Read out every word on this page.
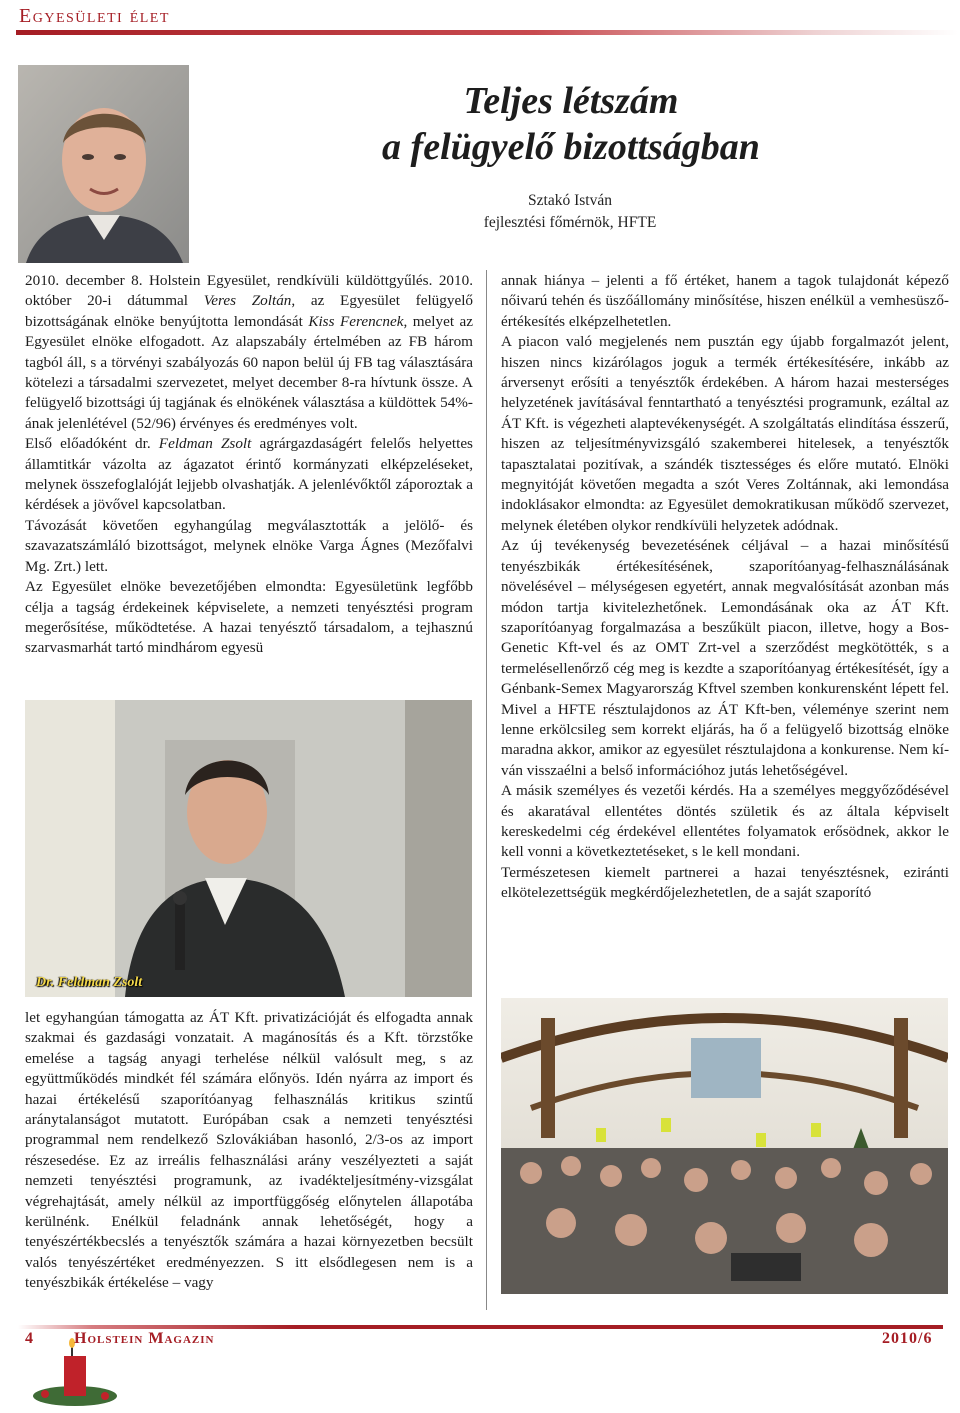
Egyesületi élet
Teljes létszám
a felügyelő bizottságban
Sztakó István
fejlesztési főmérnök, HFTE

2010. december 8. Holstein Egyesület, rendkívüli küldöttgyűlés. 2010. október 20-i dátummal Veres Zoltán, az Egyesület felügyelő bizottságának elnöke benyújtotta lemondását Kiss Ferencnek, melyet az Egyesület elnöke elfogadott. Az alapszabály értelmében az FB három tagból áll, s a törvényi szabályozás 60 napon belül új FB tag választására kötelezi a társadalmi szervezetet, melyet december 8-ra hívtunk össze. A felügyelő bizottsági új tagjának és elnökének választása a küldöttek 54%-ának jelenlétével (52/96) érvényes és eredményes volt.

Első előadóként dr. Feldman Zsolt agrárgazdaságért felelős helyettes államtitkár vázolta az ágazatot érintő kormányzati elképzeléseket, melynek összefoglalóját lejjebb olvashatják. A jelenlévőktől záporoztak a kérdések a jövővel kapcsolatban.

Távozását követően egyhangúlag megválasztották a jelölő- és szavazatszámláló bizottságot, melynek elnöke Varga Ágnes (Mezőfalvi Mg. Zrt.) lett.

Az Egyesület elnöke bevezetőjében elmondta: Egyesületünk legfőbb célja a tagság érdekeinek képviselete, a nemzeti tenyésztési program megerősítése, működtetése. A hazai tenyésztő társadalom, a tejhasznú szarvasmarhát tartó mindhárom egyesü

Dr. Feldman Zsolt

let egyhangúan támogatta az ÁT Kft. privatizációját és elfogadta annak szakmai és gazdasági vonzatait. A magánosítás és a Kft. törzstőke emelése a tagság anyagi terhelése nélkül valósult meg, s az együttműködés mindkét fél számára előnyös. Idén nyárra az import és hazai értékelésű szaporítóanyag felhasználás kritikus szintű aránytalanságot mutatott. Európában csak a nemzeti tenyésztési programmal nem rendelkező Szlovákiában hasonló, 2/3-os az import részesedése. Ez az irreális felhasználási arány veszélyezteti a saját nemzeti tenyésztési programunk, az ivadékteljesítmény-vizsgálat végrehajtását, amely nélkül az importfüggőség előnytelen állapotába kerülnénk. Enélkül feladnánk annak lehetőségét, hogy a tenyészértékbecslés a tenyésztők számára a hazai környezetben becsült valós tenyészértéket eredményezzen. S itt elsődlegesen nem is a tenyészbikák értékelése – vagy

annak hiánya – jelenti a fő értéket, hanem a tagok tulajdonát képező nőivarú tehén és üszőállomány minősítése, hiszen enélkül a vemhesüsző-értékesítés elképzelhetetlen.

A piacon való megjelenés nem pusztán egy újabb forgalmazót jelent, hiszen nincs kizárólagos joguk a termék értékesítésére, inkább az árversenyt erősíti a tenyésztők érdekében. A három hazai mesterséges helyzetének javításával fenntartható a tenyésztési programunk, ezáltal az ÁT Kft. is végezheti alaptevékenységét. A szolgáltatás elindítása ésszerű, hiszen az teljesítményvizsgáló szakemberei hitelesek, a tenyésztők tapasztalatai pozitívak, a szándék tisztességes és előre mutató. Elnöki megnyitóját követően megadta a szót Veres Zoltánnak, aki lemondása indoklásakor elmondta: az Egyesület demokratikusan működő szervezet, melynek életében olykor rendkívüli helyzetek adódnak.

Az új tevékenység bevezetésének céljával – a hazai minősítésű tenyészbikák értékesítésének, szaporítóanyag-felhasználásának növelésével – mélységesen egyetért, annak megvalósítását azonban más módon tartja kivitelezhetőnek. Lemondásának oka az ÁT Kft. szaporítóanyag forgalmazása a beszűkült piacon, illetve, hogy a Bos-Genetic Kft-vel és az OMT Zrt-vel a szerződést megkötötték, s a termelésellenőrző cég meg is kezdte a szaporítóanyag értékesítését, így a Génbank-Semex Magyarország Kftvel szemben konkurensként lépett fel. Mivel a HFTE résztulajdonos az ÁT Kft-ben, véleménye szerint nem lenne erkölcsileg sem korrekt eljárás, ha ő a felügyelő bizottság elnöke maradna akkor, amikor az egyesület résztulajdona a konkurense. Nem kíván visszaélni a belső információhoz jutás lehetőségével.

A másik személyes és vezetői kérdés. Ha a személyes meggyőződésével és akaratával ellentétes döntés születik és az általa képviselt kereskedelmi cég érdekével ellentétes folyamatok erősödnek, akkor le kell vonni a következtetéseket, s le kell mondani.

Természetesen kiemelt partnerei a hazai tenyésztésnek, eziránti elkötelezettségük megkérdőjelezhetetlen, de a saját szaporító

4	Holstein Magazin	2010/6
